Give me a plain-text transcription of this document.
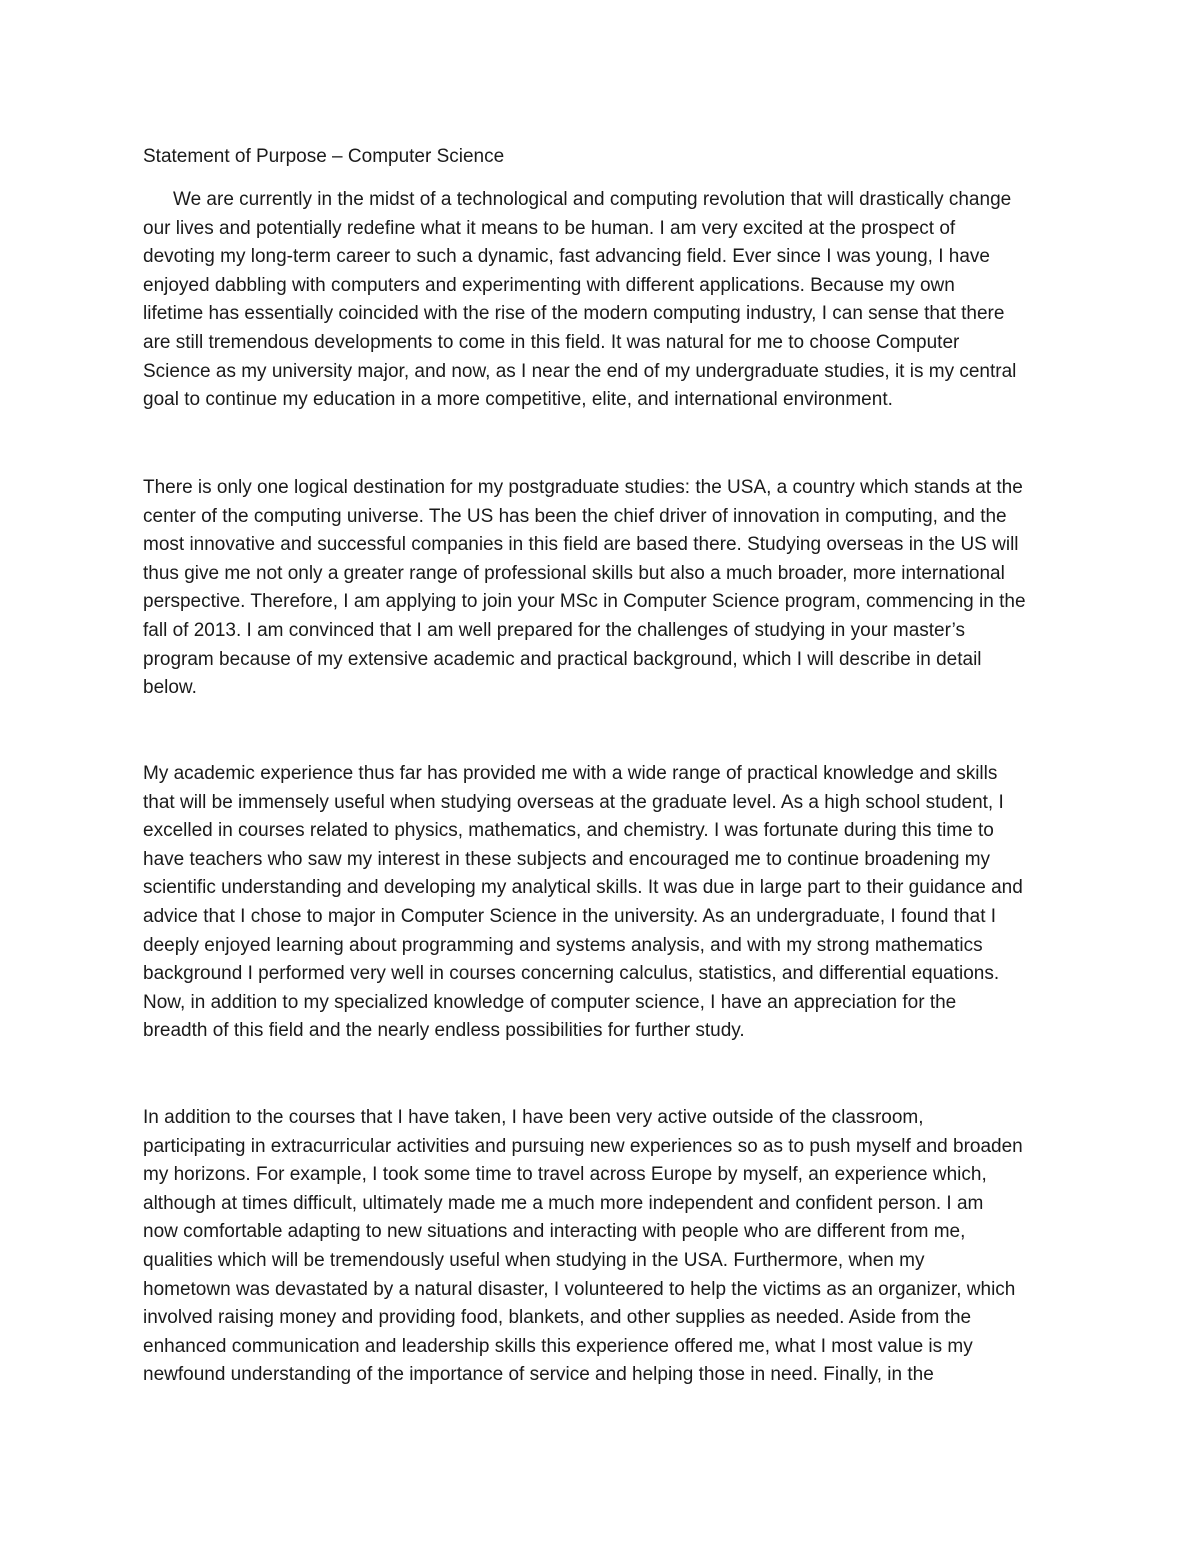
Statement of Purpose – Computer Science

We are currently in the midst of a technological and computing revolution that will drastically change
our lives and potentially redefine what it means to be human. I am very excited at the prospect of
devoting my long-term career to such a dynamic, fast advancing field. Ever since I was young, I have
enjoyed dabbling with computers and experimenting with different applications. Because my own
lifetime has essentially coincided with the rise of the modern computing industry, I can sense that there
are still tremendous developments to come in this field. It was natural for me to choose Computer
Science as my university major, and now, as I near the end of my undergraduate studies, it is my central
goal to continue my education in a more competitive, elite, and international environment.

There is only one logical destination for my postgraduate studies: the USA, a country which stands at the
center of the computing universe. The US has been the chief driver of innovation in computing, and the
most innovative and successful companies in this field are based there. Studying overseas in the US will
thus give me not only a greater range of professional skills but also a much broader, more international
perspective. Therefore, I am applying to join your MSc in Computer Science program, commencing in the
fall of 2013. I am convinced that I am well prepared for the challenges of studying in your master’s
program because of my extensive academic and practical background, which I will describe in detail
below.

My academic experience thus far has provided me with a wide range of practical knowledge and skills
that will be immensely useful when studying overseas at the graduate level. As a high school student, I
excelled in courses related to physics, mathematics, and chemistry. I was fortunate during this time to
have teachers who saw my interest in these subjects and encouraged me to continue broadening my
scientific understanding and developing my analytical skills. It was due in large part to their guidance and
advice that I chose to major in Computer Science in the university. As an undergraduate, I found that I
deeply enjoyed learning about programming and systems analysis, and with my strong mathematics
background I performed very well in courses concerning calculus, statistics, and differential equations.
Now, in addition to my specialized knowledge of computer science, I have an appreciation for the
breadth of this field and the nearly endless possibilities for further study.

In addition to the courses that I have taken, I have been very active outside of the classroom,
participating in extracurricular activities and pursuing new experiences so as to push myself and broaden
my horizons. For example, I took some time to travel across Europe by myself, an experience which,
although at times difficult, ultimately made me a much more independent and confident person. I am
now comfortable adapting to new situations and interacting with people who are different from me,
qualities which will be tremendously useful when studying in the USA. Furthermore, when my
hometown was devastated by a natural disaster, I volunteered to help the victims as an organizer, which
involved raising money and providing food, blankets, and other supplies as needed. Aside from the
enhanced communication and leadership skills this experience offered me, what I most value is my
newfound understanding of the importance of service and helping those in need. Finally, in the
